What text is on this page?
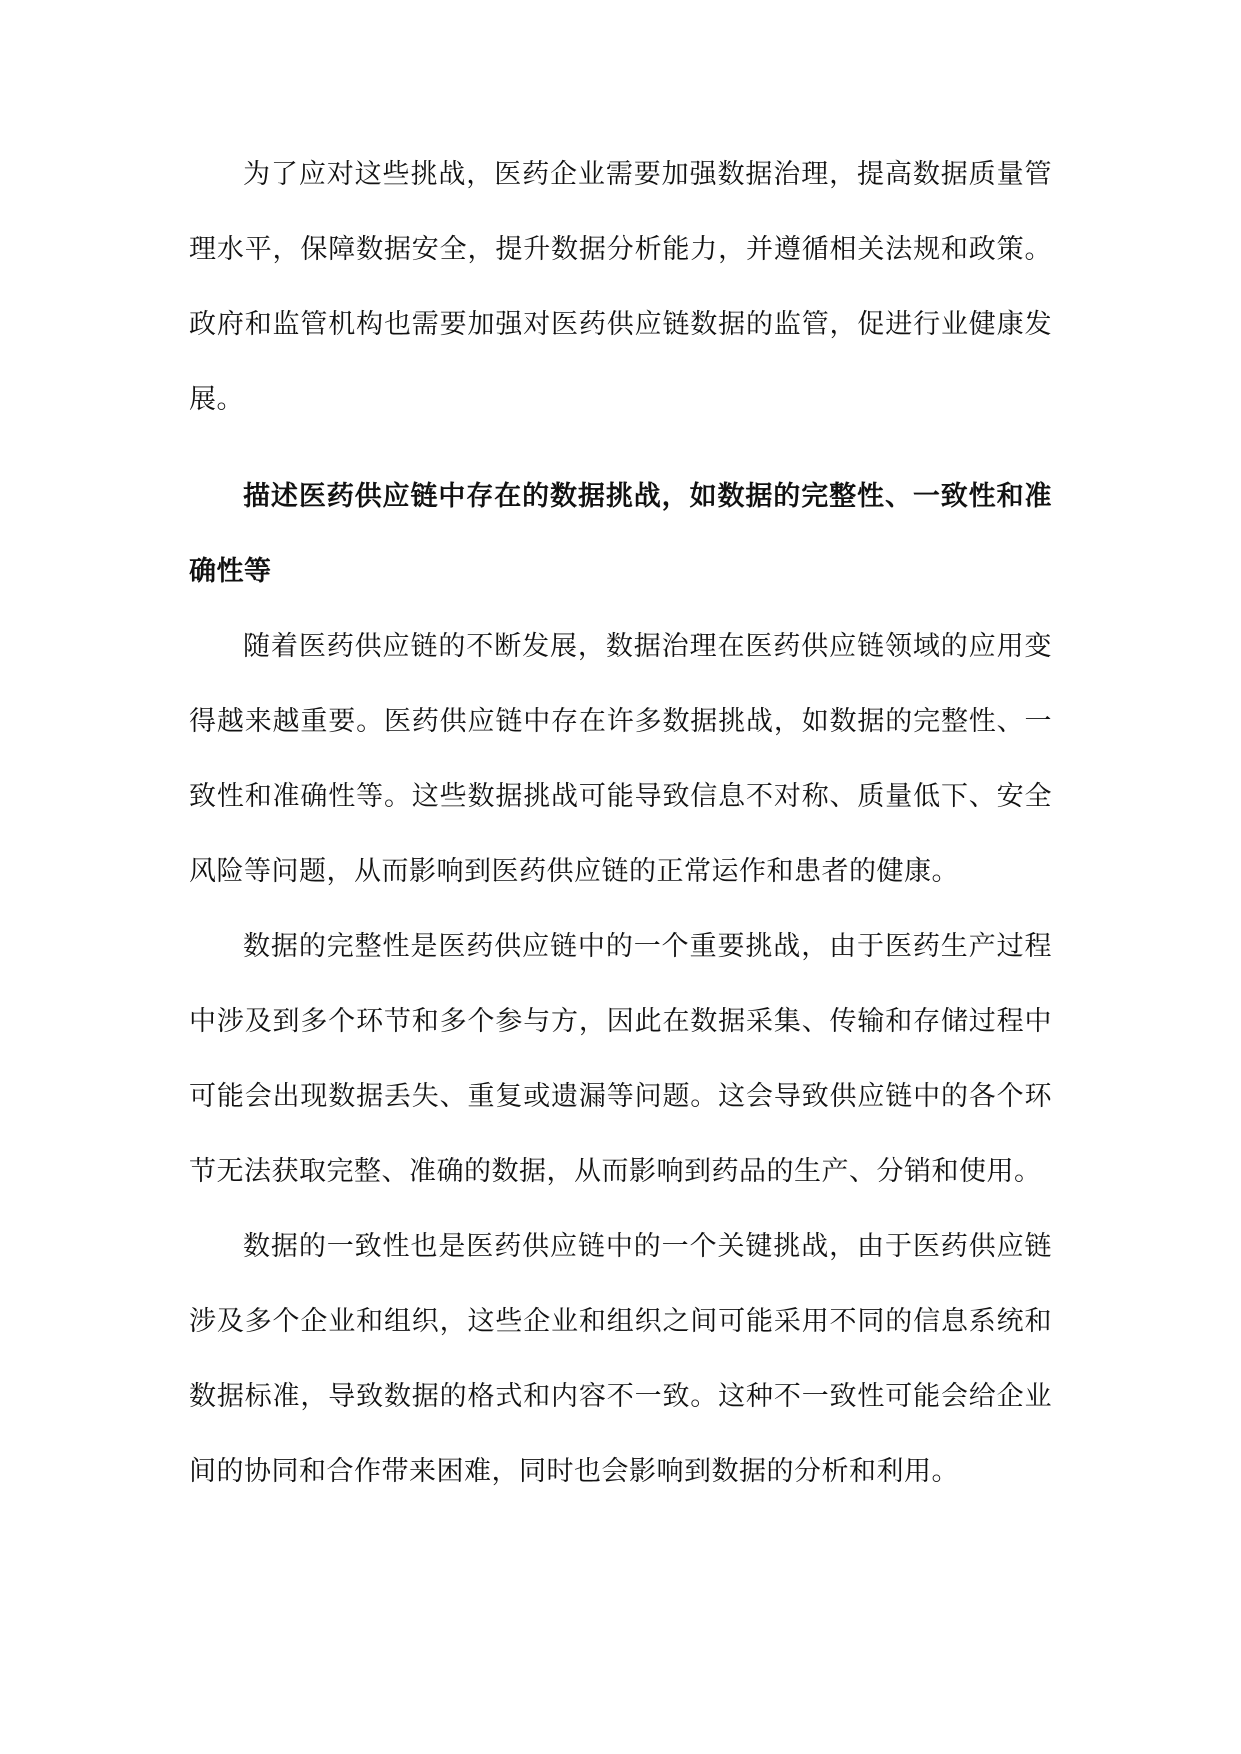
为了应对这些挑战，医药企业需要加强数据治理，提高数据质量管理水平，保障数据安全，提升数据分析能力，并遵循相关法规和政策。政府和监管机构也需要加强对医药供应链数据的监管，促进行业健康发展。

描述医药供应链中存在的数据挑战，如数据的完整性、一致性和准确性等

随着医药供应链的不断发展，数据治理在医药供应链领域的应用变得越来越重要。医药供应链中存在许多数据挑战，如数据的完整性、一致性和准确性等。这些数据挑战可能导致信息不对称、质量低下、安全风险等问题，从而影响到医药供应链的正常运作和患者的健康。

数据的完整性是医药供应链中的一个重要挑战，由于医药生产过程中涉及到多个环节和多个参与方，因此在数据采集、传输和存储过程中可能会出现数据丢失、重复或遗漏等问题。这会导致供应链中的各个环节无法获取完整、准确的数据，从而影响到药品的生产、分销和使用。

数据的一致性也是医药供应链中的一个关键挑战，由于医药供应链涉及多个企业和组织，这些企业和组织之间可能采用不同的信息系统和数据标准，导致数据的格式和内容不一致。这种不一致性可能会给企业间的协同和合作带来困难，同时也会影响到数据的分析和利用。
